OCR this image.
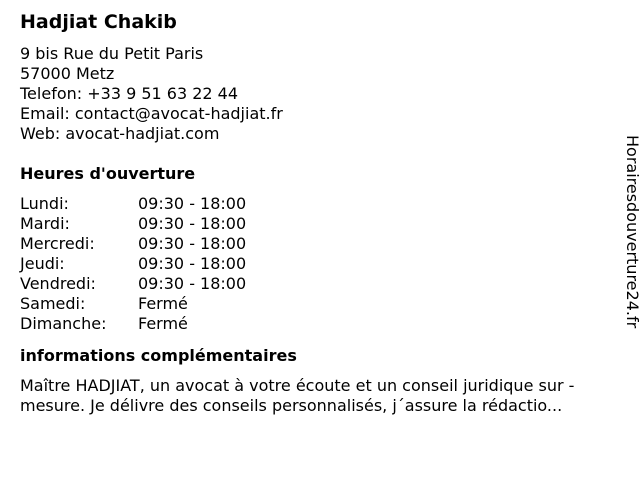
Hadjiat Chakib
9 bis Rue du Petit Paris
57000 Metz
Telefon: +33 9 51 63 22 44
Email: contact@avocat-hadjiat.fr
Web: avocat-hadjiat.com
Heures d'ouverture
Lundi:	09:30 - 18:00
Mardi:	09:30 - 18:00
Mercredi:	09:30 - 18:00
Jeudi:	09:30 - 18:00
Vendredi:	09:30 - 18:00
Samedi:	Fermé
Dimanche:	Fermé
informations complémentaires
Maître HADJIAT, un avocat à votre écoute et un conseil juridique sur -mesure. Je délivre des conseils personnalisés, j´assure la rédactio...
Horairesdouverture24.fr
